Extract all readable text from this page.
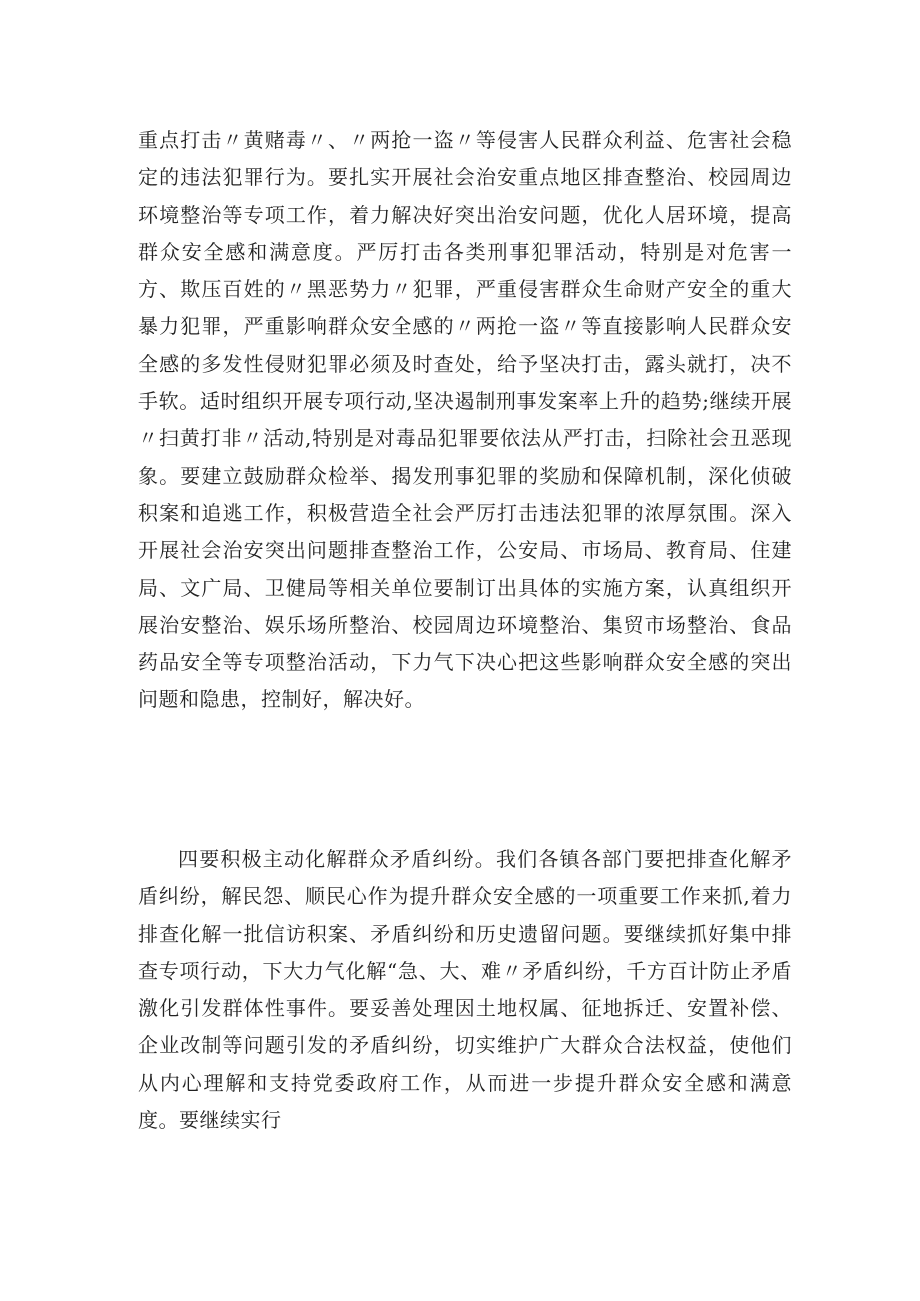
重点打击〃黄赌毒〃、〃两抢一盗〃等侵害人民群众利益、危害社会稳定的违法犯罪行为。要扎实开展社会治安重点地区排查整治、校园周边环境整治等专项工作，着力解决好突出治安问题，优化人居环境，提高群众安全感和满意度。严厉打击各类刑事犯罪活动，特别是对危害一方、欺压百姓的〃黑恶势力〃犯罪，严重侵害群众生命财产安全的重大暴力犯罪，严重影响群众安全感的〃两抢一盗〃等直接影响人民群众安全感的多发性侵财犯罪必须及时查处，给予坚决打击，露头就打，决不手软。适时组织开展专项行动,坚决遏制刑事发案率上升的趋势;继续开展〃扫黄打非〃活动,特别是对毒品犯罪要依法从严打击，扫除社会丑恶现象。要建立鼓励群众检举、揭发刑事犯罪的奖励和保障机制，深化侦破积案和追逃工作，积极营造全社会严厉打击违法犯罪的浓厚氛围。深入开展社会治安突出问题排查整治工作，公安局、市场局、教育局、住建局、文广局、卫健局等相关单位要制订出具体的实施方案，认真组织开展治安整治、娱乐场所整治、校园周边环境整治、集贸市场整治、食品药品安全等专项整治活动，下力气下决心把这些影响群众安全感的突出问题和隐患，控制好，解决好。

四要积极主动化解群众矛盾纠纷。我们各镇各部门要把排查化解矛盾纠纷，解民怨、顺民心作为提升群众安全感的一项重要工作来抓,着力排查化解一批信访积案、矛盾纠纷和历史遗留问题。要继续抓好集中排查专项行动，下大力气化解“急、大、难〃矛盾纠纷，千方百计防止矛盾激化引发群体性事件。要妥善处理因土地权属、征地拆迁、安置补偿、企业改制等问题引发的矛盾纠纷，切实维护广大群众合法权益，使他们从内心理解和支持党委政府工作，从而进一步提升群众安全感和满意度。要继续实行
